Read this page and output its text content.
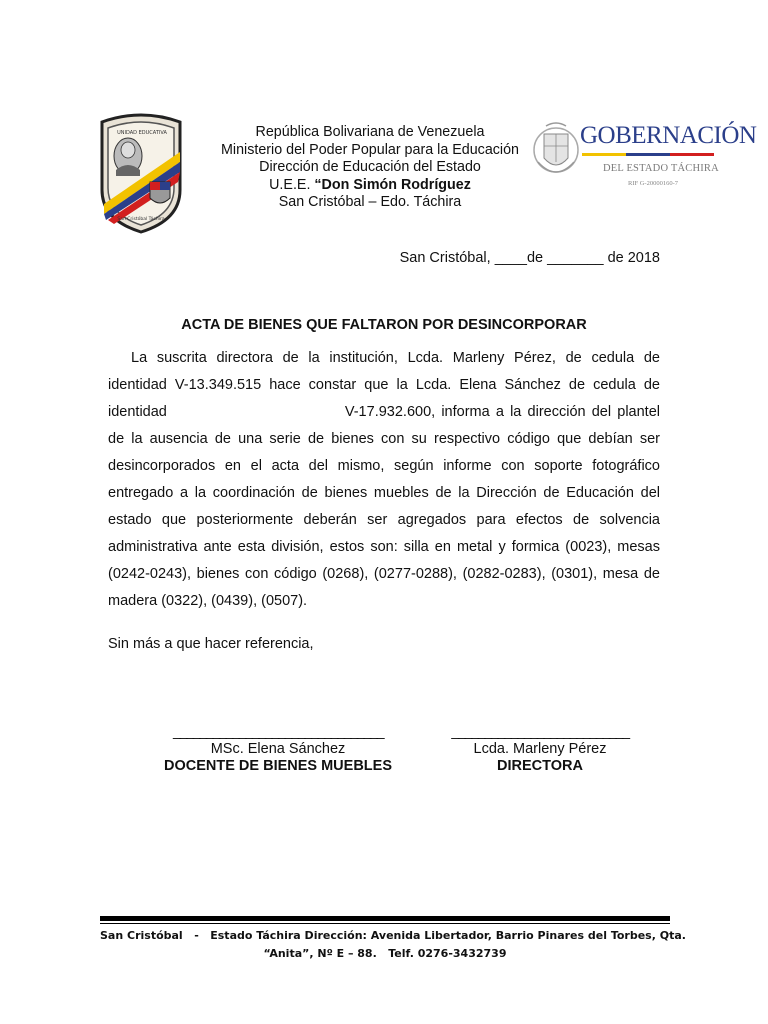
UNIDAD EDUCATIVA
San Cristóbal Táchira
República Bolivariana de Venezuela
Ministerio del Poder Popular para la Educación
Dirección de Educación del Estado
U.E.E. “Don Simón Rodríguez
San Cristóbal – Edo. Táchira
GOBERNACIÓN
DEL ESTADO TÁCHIRA
RIF G-20000160-7
San Cristóbal, ____de _______ de 2018
ACTA DE BIENES QUE FALTARON POR DESINCORPORAR
La suscrita directora de la institución, Lcda. Marleny Pérez, de cedula de identidad V-13.349.515 hace constar que la Lcda. Elena Sánchez de cedula de identidad	V-17.932.600, informa a la dirección del plantel de la ausencia de una serie de bienes con su respectivo código que debían ser desincorporados en el acta del mismo, según informe con soporte fotográfico entregado a la coordinación de bienes muebles de la Dirección de Educación del estado que posteriormente deberán ser agregados para efectos de solvencia administrativa ante esta división, estos son: silla en metal y formica (0023), mesas (0242-0243), bienes con código (0268), (0277-0288), (0282-0283), (0301), mesa de madera (0322), (0439), (0507).
Sin más a que hacer referencia,
________________________________
MSc. Elena Sánchez
DOCENTE DE BIENES MUEBLES
___________________________
Lcda. Marleny Pérez
DIRECTORA
San Cristóbal   -   Estado Táchira Dirección: Avenida Libertador, Barrio Pinares del Torbes, Qta.
“Anita”, Nº E – 88.   Telf. 0276-3432739
